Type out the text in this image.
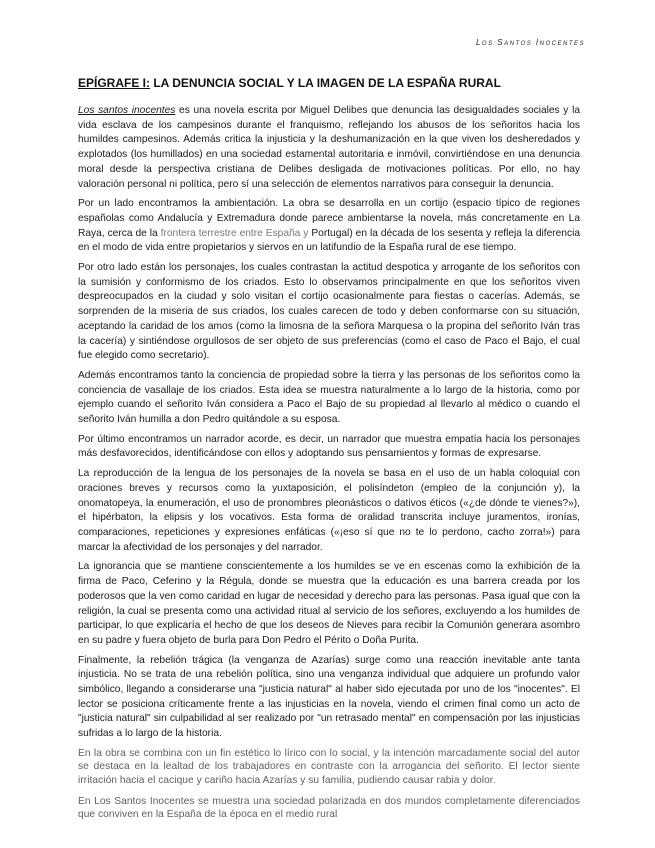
Los Santos Inocentes
EPÍGRAFE I: LA DENUNCIA SOCIAL Y LA IMAGEN DE LA ESPAÑA RURAL

Los santos inocentes es una novela escrita por Miguel Delibes que denuncia las desigualdades sociales y la vida esclava de los campesinos durante el franquismo, reflejando los abusos de los señoritos hacia los humildes campesinos. Además critica la injusticia y la deshumanización en la que viven los desheredados y explotados (los humillados) en una sociedad estamental autoritaria e inmóvil, convirtiéndose en una denuncia moral desde la perspectiva cristiana de Delibes desligada de motivaciones políticas. Por ello, no hay valoración personal ni política, pero sí una selección de elementos narrativos para conseguir la denuncia.

Por un lado encontramos la ambientación. La obra se desarrolla en un cortijo (espacio típico de regiones españolas como Andalucía y Extremadura donde parece ambientarse la novela, más concretamente en La Raya, cerca de la frontera terrestre entre España y Portugal) en la década de los sesenta y refleja la diferencia en el modo de vida entre propietarios y siervos en un latifundio de la España rural de ese tiempo.

Por otro lado están los personajes, los cuales contrastan la actitud despotica y arrogante de los señoritos con la sumisión y conformismo de los criados. Esto lo observamos principalmente en que los señoritos viven despreocupados en la ciudad y solo visitan el cortijo ocasionalmente para fiestas o cacerías. Además, se sorprenden de la miseria de sus criados, los cuales carecen de todo y deben conformarse con su situación, aceptando la caridad de los amos (como la limosna de la señora Marquesa o la propina del señorito Iván tras la cacería) y sintiéndose orgullosos de ser objeto de sus preferencias (como el caso de Paco el Bajo, el cual fue elegido como secretario).

Además encontramos tanto la conciencia de propiedad sobre la tierra y las personas de los señoritos como la conciencia de vasallaje de los criados. Esta idea se muestra naturalmente a lo largo de la historia, como por ejemplo cuando el señorito Iván considera a Paco el Bajo de su propiedad al llevarlo al médico o cuando el señorito Iván humilla a don Pedro quitándole a su esposa.

Por último encontramos un narrador acorde, es decir, un narrador que muestra empatía hacia los personajes más desfavorecidos, identificándose con ellos y adoptando sus pensamientos y formas de expresarse.

La reproducción de la lengua de los personajes de la novela se basa en el uso de un habla coloquial con oraciones breves y recursos como la yuxtaposición, el polisíndeton (empleo de la conjunción y), la onomatopeya, la enumeración, el uso de pronombres pleonásticos o dativos éticos («¿de dónde te vienes?»), el hipérbaton, la elipsis y los vocativos. Esta forma de oralidad transcrita incluye juramentos, ironías, comparaciones, repeticiones y expresiones enfáticas («¡eso sí que no te lo perdono, cacho zorra!») para marcar la afectividad de los personajes y del narrador.

La ignorancia que se mantiene conscientemente a los humildes se ve en escenas como la exhibición de la firma de Paco, Ceferino y la Régula, donde se muestra que la educación es una barrera creada por los poderosos que la ven como caridad en lugar de necesidad y derecho para las personas. Pasa igual que con la religión, la cual se presenta como una actividad ritual al servicio de los señores, excluyendo a los humildes de participar, lo que explicaría el hecho de que los deseos de Nieves para recibir la Comunión generara asombro en su padre y fuera objeto de burla para Don Pedro el Périto o Doña Purita.

Finalmente, la rebelión trágica (la venganza de Azarías) surge como una reacción inevitable ante tanta injusticia. No se trata de una rebelión política, sino una venganza individual que adquiere un profundo valor simbólico, llegando a considerarse una "justicia natural" al haber sido ejecutada por uno de los "inocentes". El lector se posiciona críticamente frente a las injusticias en la novela, viendo el crimen final como un acto de "justicia natural" sin culpabilidad al ser realizado por "un retrasado mental" en compensación por las injusticias sufridas a lo largo de la historia.

En la obra se combina con un fin estético lo lírico con lo social, y la intención marcadamente social del autor se destaca en la lealtad de los trabajadores en contraste con la arrogancia del señorito. El lector siente irritación hacia el cacique y cariño hacia Azarías y su familia, pudiendo causar rabia y dolor.

En Los Santos Inocentes se muestra una sociedad polarizada en dos mundos completamente diferenciados que conviven en la España de la época en el medio rural
